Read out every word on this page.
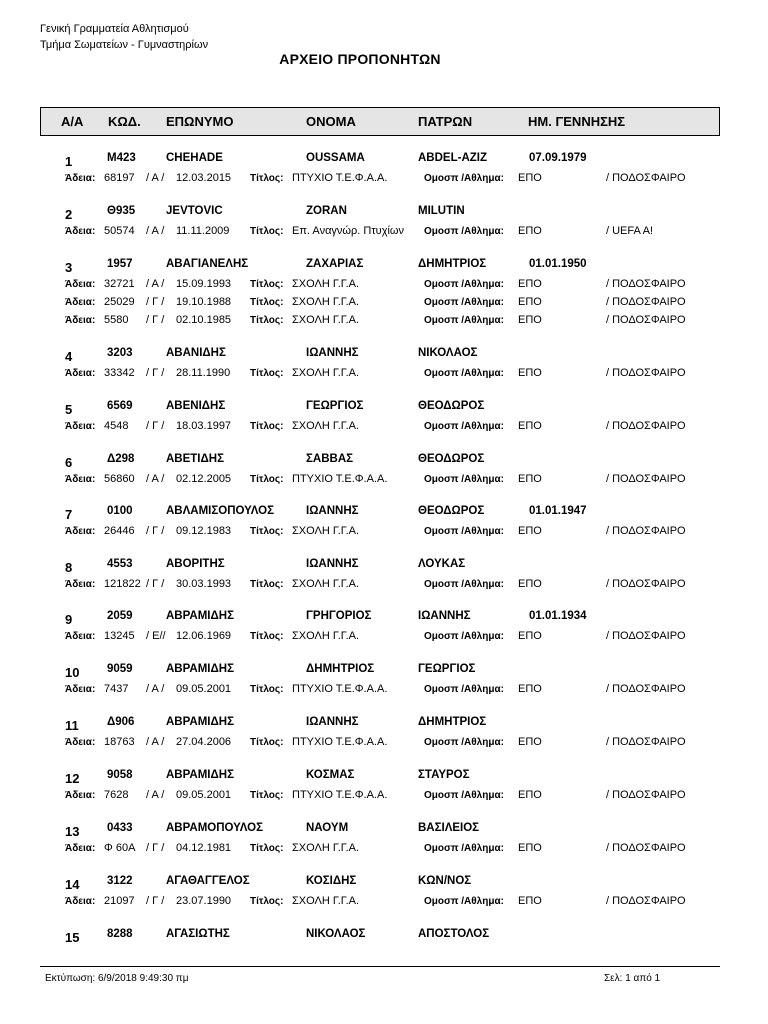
Γενική Γραμματεία Αθλητισμού
Τμήμα Σωματείων - Γυμναστηρίων
ΑΡΧΕΙΟ ΠΡΟΠΟΝΗΤΩΝ
Α/Α ΚΩΔ. ΕΠΩΝΥΜΟ	ΟΝΟΜΑ	ΠΑΤΡΩΝ	ΗΜ. ΓΕΝΝΗΣΗΣ
1	M423	CHEHADE	OUSSAMA	ABDEL-AZIZ	07.09.1979
Άδεια: 68197 / Α / 12.03.2015 Τίτλος: ΠΤΥΧΙΟ Τ.Ε.Φ.Α.Α.	Ομοσπ /Αθλημα: ΕΠΟ	/ ΠΟΔΟΣΦΑΙΡΟ
2	Θ935	JEVTOVIC	ZORAN	MILUTIN
Άδεια: 50574 / Α / 11.11.2009 Τίτλος: Επ. Αναγνώρ. Πτυχίων Ομοσπ /Αθλημα: ΕΠΟ	/ UEFA A!
3	1957	ΑΒΑΓΙΑΝΕΛΗΣ	ΖΑΧΑΡΙΑΣ	ΔΗΜΗΤΡΙΟΣ	01.01.1950
Άδεια: 32721 / Α / 15.09.1993 Τίτλος: ΣΧΟΛΗ Γ.Γ.Α.	Ομοσπ /Αθλημα: ΕΠΟ	/ ΠΟΔΟΣΦΑΙΡΟ
Άδεια: 25029 / Γ / 19.10.1988 Τίτλος: ΣΧΟΛΗ Γ.Γ.Α.	Ομοσπ /Αθλημα: ΕΠΟ	/ ΠΟΔΟΣΦΑΙΡΟ
Άδεια: 5580 / Γ / 02.10.1985 Τίτλος: ΣΧΟΛΗ Γ.Γ.Α.	Ομοσπ /Αθλημα: ΕΠΟ	/ ΠΟΔΟΣΦΑΙΡΟ
4	3203	ΑΒΑΝΙΔΗΣ	ΙΩΑΝΝΗΣ	ΝΙΚΟΛΑΟΣ
Άδεια: 33342 / Γ / 28.11.1990 Τίτλος: ΣΧΟΛΗ Γ.Γ.Α.	Ομοσπ /Αθλημα: ΕΠΟ	/ ΠΟΔΟΣΦΑΙΡΟ
5	6569	ΑΒΕΝΙΔΗΣ	ΓΕΩΡΓΙΟΣ	ΘΕΟΔΩΡΟΣ
Άδεια: 4548 / Γ / 18.03.1997 Τίτλος: ΣΧΟΛΗ Γ.Γ.Α.	Ομοσπ /Αθλημα: ΕΠΟ	/ ΠΟΔΟΣΦΑΙΡΟ
6	Δ298	ΑΒΕΤΙΔΗΣ	ΣΑΒΒΑΣ	ΘΕΟΔΩΡΟΣ
Άδεια: 56860 / Α / 02.12.2005 Τίτλος: ΠΤΥΧΙΟ Τ.Ε.Φ.Α.Α.	Ομοσπ /Αθλημα: ΕΠΟ	/ ΠΟΔΟΣΦΑΙΡΟ
7	0100	ΑΒΛΑΜΙΣΟΠΟΥΛΟΣ	ΙΩΑΝΝΗΣ	ΘΕΟΔΩΡΟΣ	01.01.1947
Άδεια: 26446 / Γ / 09.12.1983 Τίτλος: ΣΧΟΛΗ Γ.Γ.Α.	Ομοσπ /Αθλημα: ΕΠΟ	/ ΠΟΔΟΣΦΑΙΡΟ
8	4553	ΑΒΟΡΙΤΗΣ	ΙΩΑΝΝΗΣ	ΛΟΥΚΑΣ
Άδεια: 121822 / Γ / 30.03.1993 Τίτλος: ΣΧΟΛΗ Γ.Γ.Α.	Ομοσπ /Αθλημα: ΕΠΟ	/ ΠΟΔΟΣΦΑΙΡΟ
9	2059	ΑΒΡΑΜΙΔΗΣ	ΓΡΗΓΟΡΙΟΣ	ΙΩΑΝΝΗΣ	01.01.1934
Άδεια: 13245 / Ε// 12.06.1969 Τίτλος: ΣΧΟΛΗ Γ.Γ.Α.	Ομοσπ /Αθλημα: ΕΠΟ	/ ΠΟΔΟΣΦΑΙΡΟ
10 9059	ΑΒΡΑΜΙΔΗΣ	ΔΗΜΗΤΡΙΟΣ	ΓΕΩΡΓΙΟΣ
Άδεια: 7437 / Α / 09.05.2001 Τίτλος: ΠΤΥΧΙΟ Τ.Ε.Φ.Α.Α.	Ομοσπ /Αθλημα: ΕΠΟ	/ ΠΟΔΟΣΦΑΙΡΟ
11 Δ906	ΑΒΡΑΜΙΔΗΣ	ΙΩΑΝΝΗΣ	ΔΗΜΗΤΡΙΟΣ
Άδεια: 18763 / Α / 27.04.2006 Τίτλος: ΠΤΥΧΙΟ Τ.Ε.Φ.Α.Α.	Ομοσπ /Αθλημα: ΕΠΟ	/ ΠΟΔΟΣΦΑΙΡΟ
12 9058	ΑΒΡΑΜΙΔΗΣ	ΚΟΣΜΑΣ	ΣΤΑΥΡΟΣ
Άδεια: 7628 / Α / 09.05.2001 Τίτλος: ΠΤΥΧΙΟ Τ.Ε.Φ.Α.Α.	Ομοσπ /Αθλημα: ΕΠΟ	/ ΠΟΔΟΣΦΑΙΡΟ
13 0433	ΑΒΡΑΜΟΠΟΥΛΟΣ	ΝΑΟΥΜ	ΒΑΣΙΛΕΙΟΣ
Άδεια: Φ 60Α / Γ / 04.12.1981 Τίτλος: ΣΧΟΛΗ Γ.Γ.Α.	Ομοσπ /Αθλημα: ΕΠΟ	/ ΠΟΔΟΣΦΑΙΡΟ
14 3122	ΑΓΑΘΑΓΓΕΛΟΣ	ΚΟΣΙΔΗΣ	ΚΩΝ/ΝΟΣ
Άδεια: 21097 / Γ / 23.07.1990 Τίτλος: ΣΧΟΛΗ Γ.Γ.Α.	Ομοσπ /Αθλημα: ΕΠΟ	/ ΠΟΔΟΣΦΑΙΡΟ
15 8288	ΑΓΑΣΙΩΤΗΣ	ΝΙΚΟΛΑΟΣ	ΑΠΟΣΤΟΛΟΣ
Εκτύπωση: 6/9/2018 9:49:30 πμ	Σελ: 1 από 1
